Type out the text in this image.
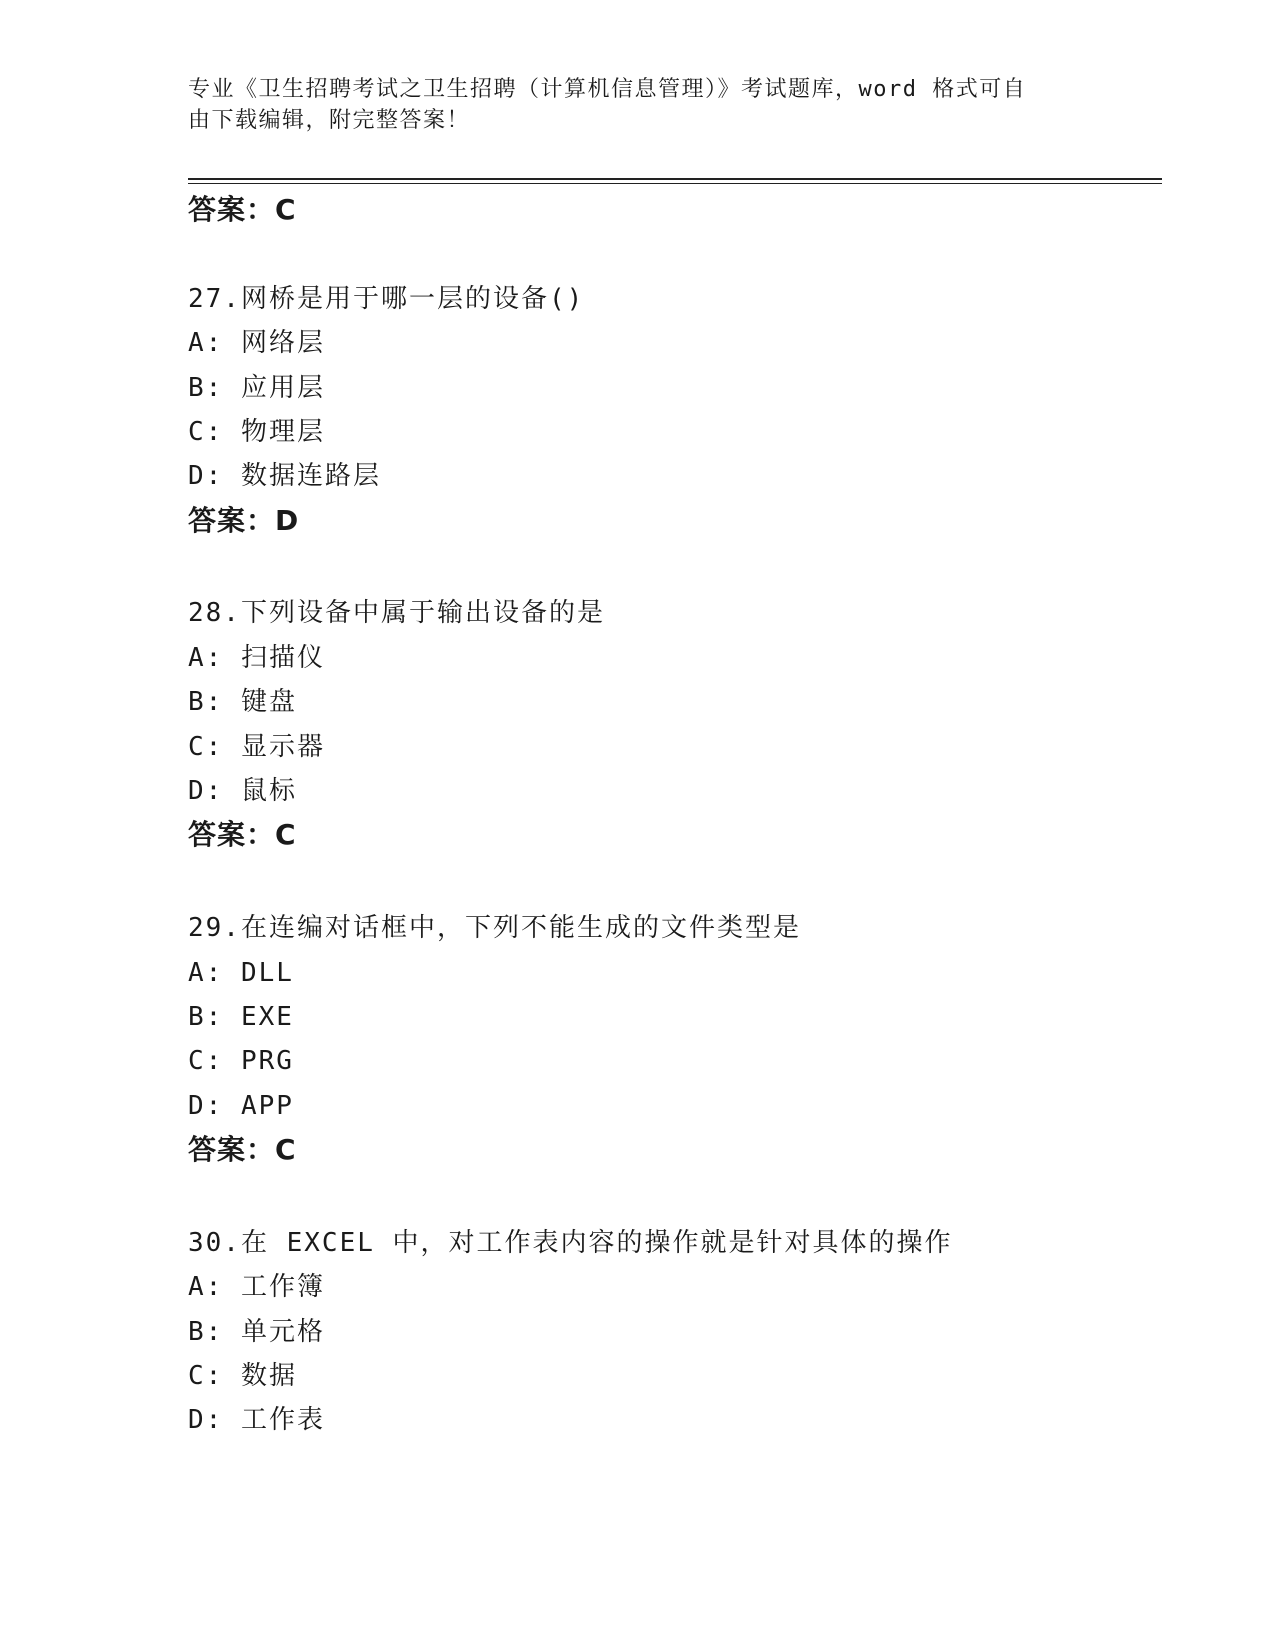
专业《卫生招聘考试之卫生招聘（计算机信息管理）》考试题库，word 格式可自
由下载编辑，附完整答案！
答案：C
27.网桥是用于哪一层的设备()
A: 网络层
B: 应用层
C: 物理层
D: 数据连路层
答案：D
28.下列设备中属于输出设备的是
A: 扫描仪
B: 键盘
C: 显示器
D: 鼠标
答案：C
29.在连编对话框中，下列不能生成的文件类型是
A: DLL
B: EXE
C: PRG
D: APP
答案：C
30.在 EXCEL 中，对工作表内容的操作就是针对具体的操作
A: 工作簿
B: 单元格
C: 数据
D: 工作表
